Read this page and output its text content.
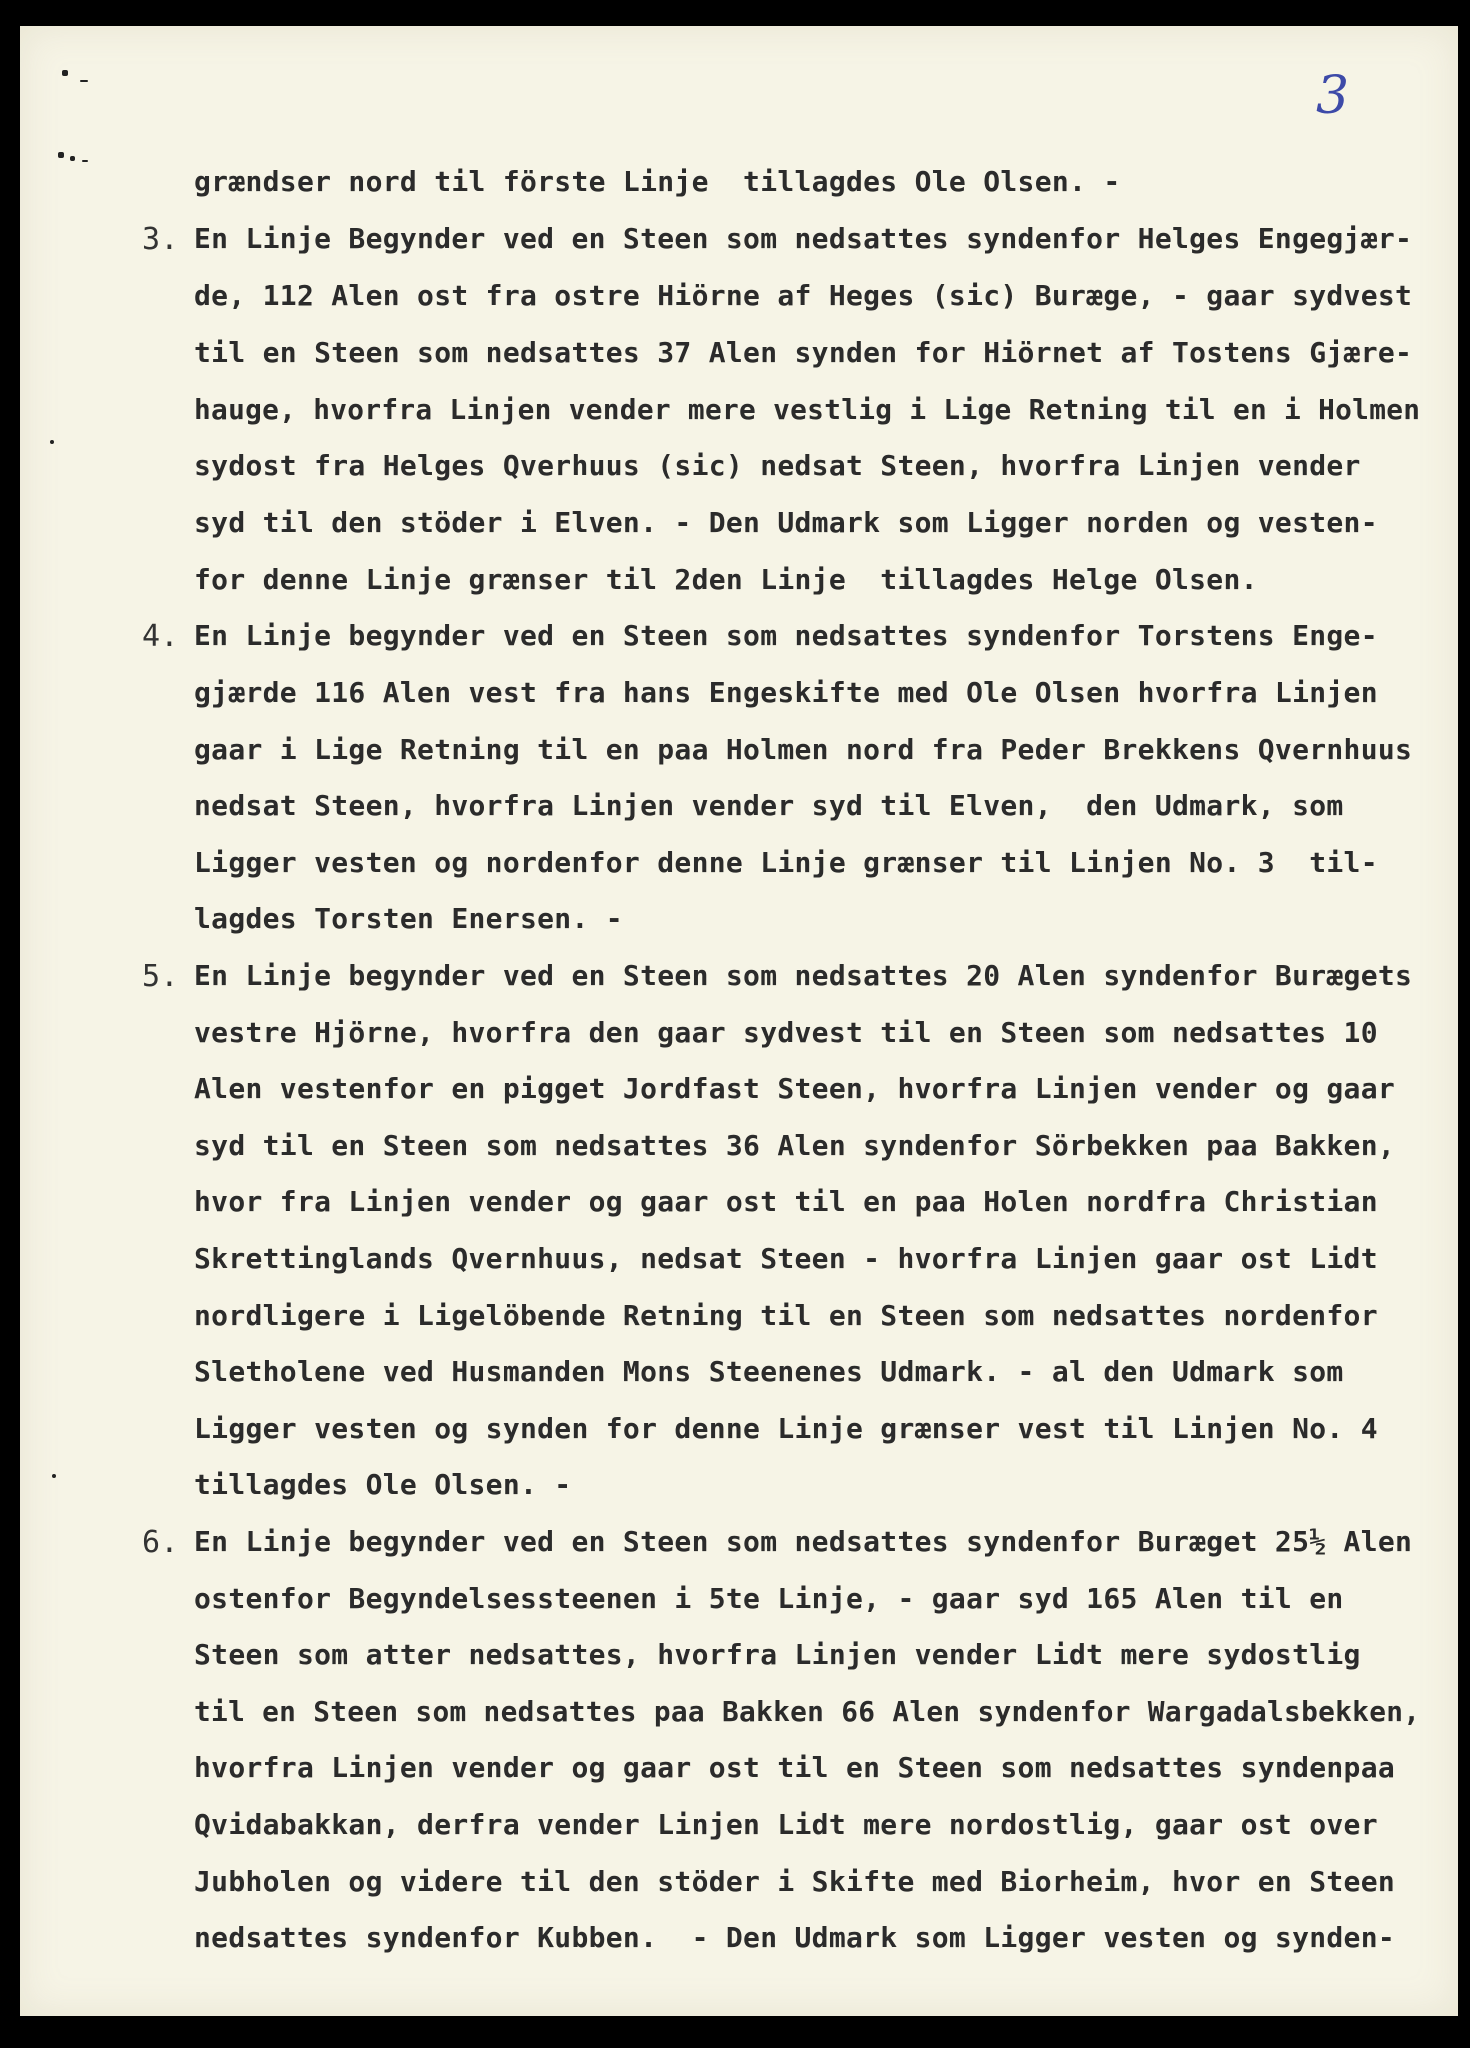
3
3.
4.
5.
6.
grændser nord til förste Linje  tillagdes Ole Olsen. -
En Linje Begynder ved en Steen som nedsattes syndenfor Helges Engegjær-
de, 112 Alen ost fra ostre Hiörne af Heges (sic) Buræge, - gaar sydvest
til en Steen som nedsattes 37 Alen synden for Hiörnet af Tostens Gjære-
hauge, hvorfra Linjen vender mere vestlig i Lige Retning til en i Holmen
sydost fra Helges Qverhuus (sic) nedsat Steen, hvorfra Linjen vender
syd til den stöder i Elven. - Den Udmark som Ligger norden og vesten-
for denne Linje grænser til 2den Linje  tillagdes Helge Olsen.
En Linje begynder ved en Steen som nedsattes syndenfor Torstens Enge-
gjærde 116 Alen vest fra hans Engeskifte med Ole Olsen hvorfra Linjen
gaar i Lige Retning til en paa Holmen nord fra Peder Brekkens Qvernhuus
nedsat Steen, hvorfra Linjen vender syd til Elven,  den Udmark, som
Ligger vesten og nordenfor denne Linje grænser til Linjen No. 3  til-
lagdes Torsten Enersen. -
En Linje begynder ved en Steen som nedsattes 20 Alen syndenfor Burægets
vestre Hjörne, hvorfra den gaar sydvest til en Steen som nedsattes 10
Alen vestenfor en pigget Jordfast Steen, hvorfra Linjen vender og gaar
syd til en Steen som nedsattes 36 Alen syndenfor Sörbekken paa Bakken,
hvor fra Linjen vender og gaar ost til en paa Holen nordfra Christian
Skrettinglands Qvernhuus, nedsat Steen - hvorfra Linjen gaar ost Lidt
nordligere i Ligelöbende Retning til en Steen som nedsattes nordenfor
Sletholene ved Husmanden Mons Steenenes Udmark. - al den Udmark som
Ligger vesten og synden for denne Linje grænser vest til Linjen No. 4
tillagdes Ole Olsen. -
En Linje begynder ved en Steen som nedsattes syndenfor Buræget 25½ Alen
ostenfor Begyndelsessteenen i 5te Linje, - gaar syd 165 Alen til en
Steen som atter nedsattes, hvorfra Linjen vender Lidt mere sydostlig
til en Steen som nedsattes paa Bakken 66 Alen syndenfor Wargadalsbekken,
hvorfra Linjen vender og gaar ost til en Steen som nedsattes syndenpaa
Qvidabakkan, derfra vender Linjen Lidt mere nordostlig, gaar ost over
Jubholen og videre til den stöder i Skifte med Biorheim, hvor en Steen
nedsattes syndenfor Kubben.  - Den Udmark som Ligger vesten og synden-
